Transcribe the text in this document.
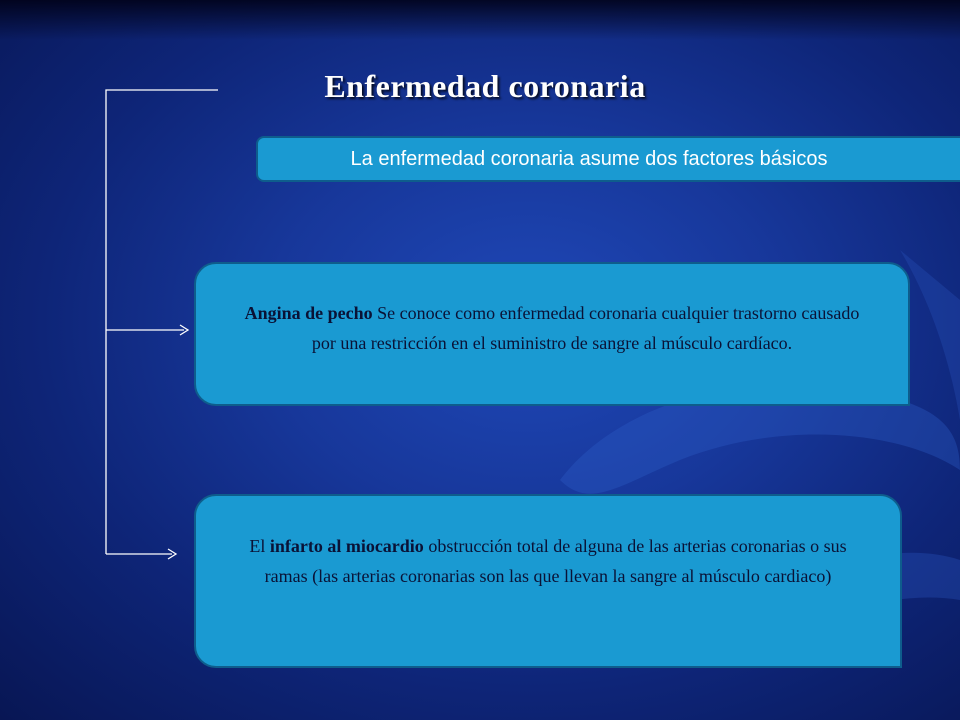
Enfermedad coronaria
La enfermedad coronaria asume dos factores básicos

Angina de pecho Se conoce como enfermedad coronaria cualquier trastorno causado por una restricción en el suministro de sangre al músculo cardíaco.

El infarto al miocardio obstrucción total de alguna de las arterias coronarias o sus ramas (las arterias coronarias son las que llevan la sangre al músculo cardiaco)
